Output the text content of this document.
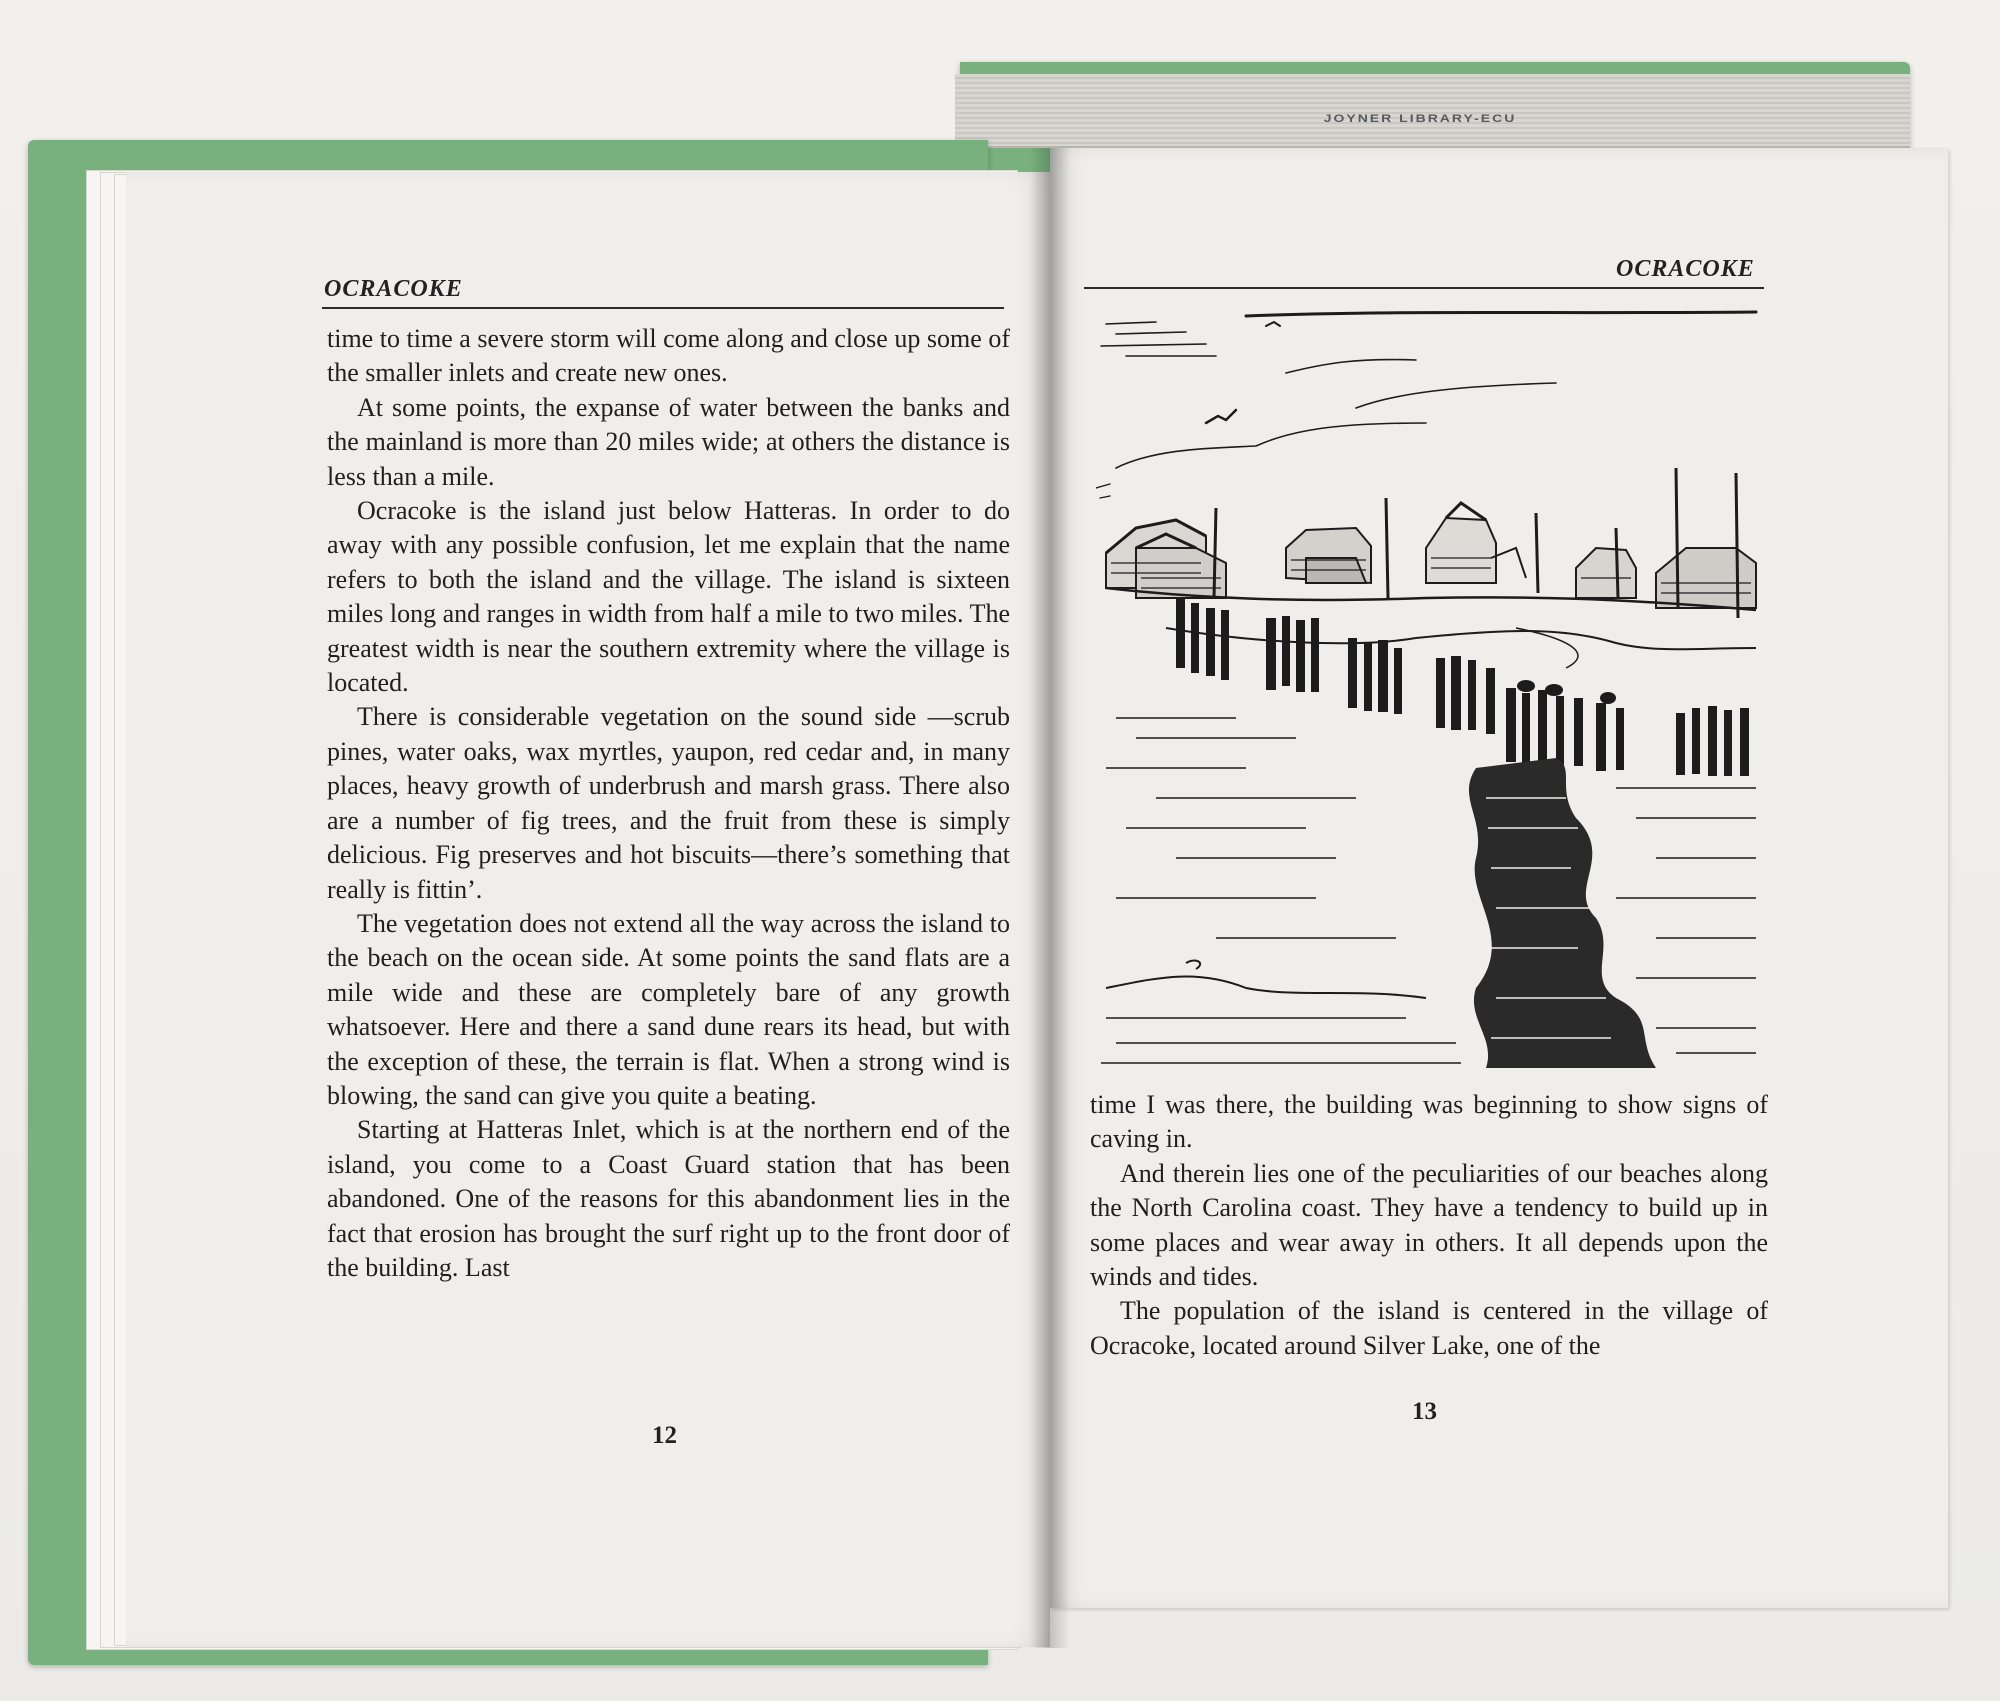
JOYNER LIBRARY-ECU
OCRACOKE

time to time a severe storm will come along and close up some of the smaller inlets and create new ones.

At some points, the expanse of water between the banks and the mainland is more than 20 miles wide; at others the distance is less than a mile.

Ocracoke is the island just below Hatteras. In order to do away with any possible confusion, let me explain that the name refers to both the island and the village. The island is sixteen miles long and ranges in width from half a mile to two miles. The greatest width is near the southern extremity where the village is located.

There is considerable vegetation on the sound side —scrub pines, water oaks, wax myrtles, yaupon, red cedar and, in many places, heavy growth of underbrush and marsh grass. There also are a number of fig trees, and the fruit from these is simply delicious. Fig preserves and hot biscuits—there’s something that really is fittin’.

The vegetation does not extend all the way across the island to the beach on the ocean side. At some points the sand flats are a mile wide and these are completely bare of any growth whatsoever. Here and there a sand dune rears its head, but with the exception of these, the terrain is flat. When a strong wind is blowing, the sand can give you quite a beating.

Starting at Hatteras Inlet, which is at the northern end of the island, you come to a Coast Guard station that has been abandoned. One of the reasons for this abandonment lies in the fact that erosion has brought the surf right up to the front door of the building. Last

12
OCRACOKE

time I was there, the building was beginning to show signs of caving in.

And therein lies one of the peculiarities of our beaches along the North Carolina coast. They have a tendency to build up in some places and wear away in others. It all depends upon the winds and tides.

The population of the island is centered in the village of Ocracoke, located around Silver Lake, one of the

13
